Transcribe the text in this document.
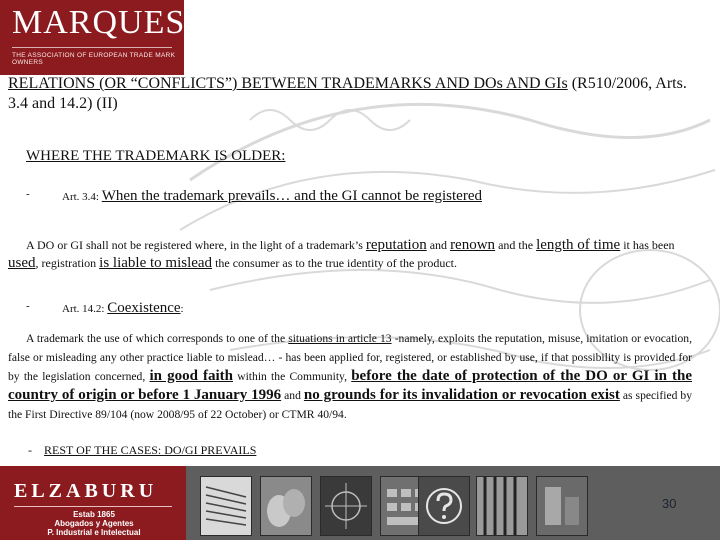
MARQUES
THE ASSOCIATION OF EUROPEAN TRADE MARK OWNERS
RELATIONS (OR “CONFLICTS”) BETWEEN TRADEMARKS AND DOs AND GIs (R510/2006, Arts. 3.4 and 14.2) (II)
WHERE THE TRADEMARK IS OLDER:
-	Art. 3.4: When the trademark prevails… and the GI cannot be registered
A DO or GI shall not be registered where, in the light of a trademark’s reputation and renown and the length of time it has been used, registration is liable to mislead the consumer as to the true identity of the product.
-	Art. 14.2: Coexistence:
A trademark the use of which corresponds to one of the situations in article 13 -namely, exploits the reputation, misuse, imitation or evocation, false or misleading any other practice liable to mislead… - has been applied for, registered, or established by use, if that possibility is provided for by the legislation concerned, in good faith within the Community, before the date of protection of the DO or GI in the country of origin or before 1 January 1996 and no grounds for its invalidation or revocation exist as specified by the First Directive 89/104 (now 2008/95 of 22 October) or CTMR 40/94.
- REST OF THE CASES: DO/GI PREVAILS
ELZABURU
Estab 1865
Abogados y Agentes
P. Industrial e Intelectual
30
